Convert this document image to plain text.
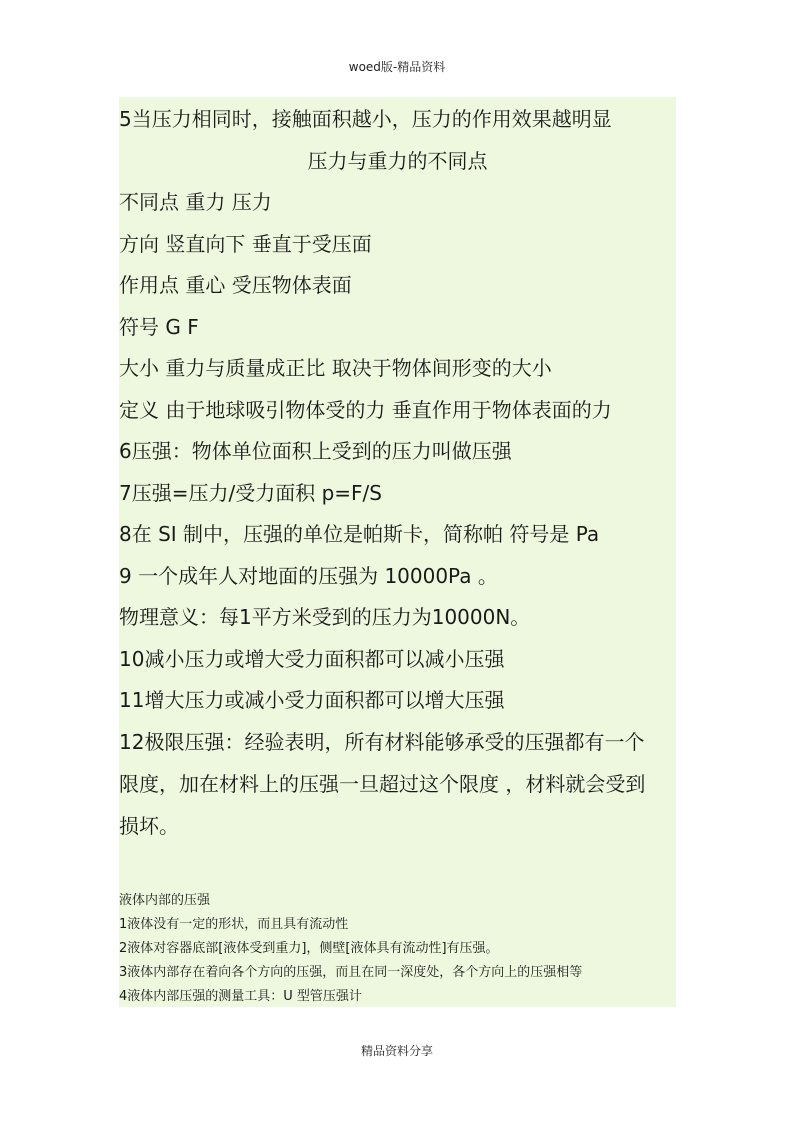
woed版-精品资料
5当压力相同时，接触面积越小，压力的作用效果越明显
压力与重力的不同点
不同点 重力 压力
方向 竖直向下 垂直于受压面
作用点 重心 受压物体表面
符号 G F
大小 重力与质量成正比 取决于物体间形变的大小
定义 由于地球吸引物体受的力 垂直作用于物体表面的力
6压强：物体单位面积上受到的压力叫做压强
7压强=压力/受力面积 p=F/S
8在 SI 制中，压强的单位是帕斯卡，简称帕 符号是 Pa
9 一个成年人对地面的压强为 10000Pa 。
物理意义：每1平方米受到的压力为10000N。
10减小压力或增大受力面积都可以减小压强
11增大压力或减小受力面积都可以增大压强
12极限压强：经验表明，所有材料能够承受的压强都有一个
限度，加在材料上的压强一旦超过这个限度 ，材料就会受到
损坏。
液体内部的压强
1液体没有一定的形状，而且具有流动性
2液体对容器底部[液体受到重力]，侧壁[液体具有流动性]有压强。
3液体内部存在着向各个方向的压强，而且在同一深度处，各个方向上的压强相等
4液体内部压强的测量工具：U 型管压强计
精品资料分享
